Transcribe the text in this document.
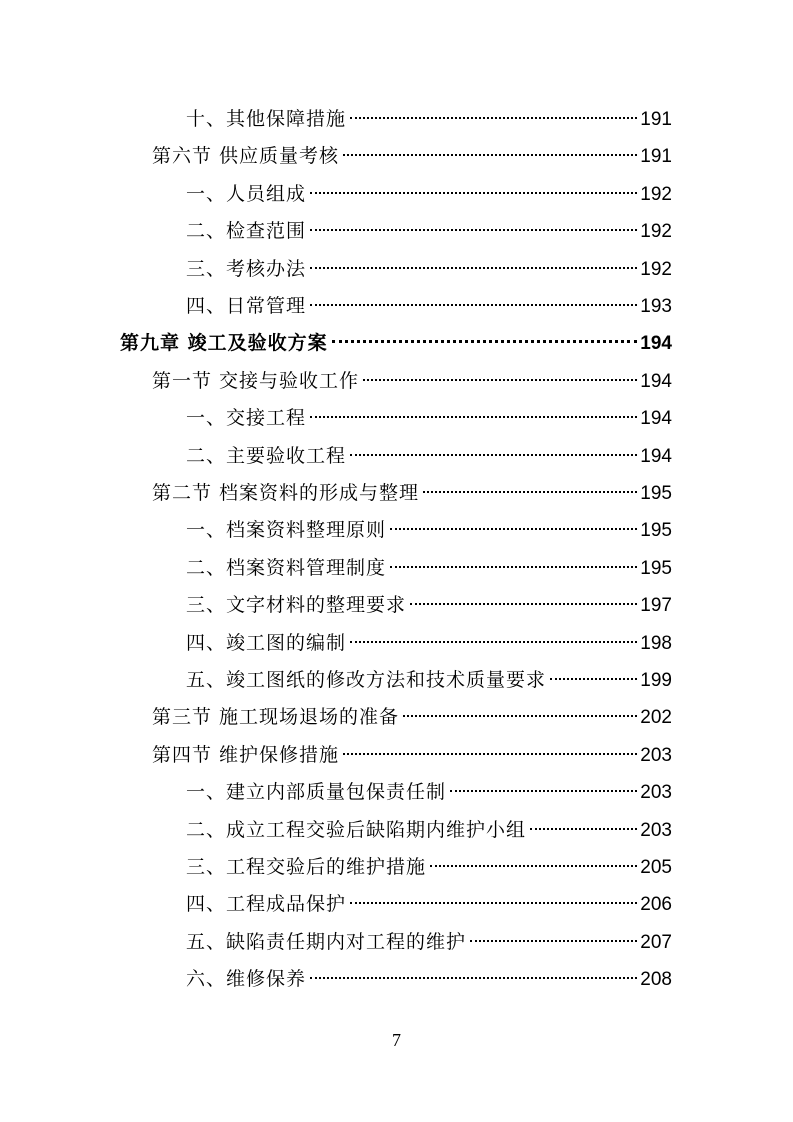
十、其他保障措施	191
第六节 供应质量考核	191
一、人员组成	192
二、检查范围	192
三、考核办法	192
四、日常管理	193
第九章 竣工及验收方案	194
第一节 交接与验收工作	194
一、交接工程	194
二、主要验收工程	194
第二节 档案资料的形成与整理	195
一、档案资料整理原则	195
二、档案资料管理制度	195
三、文字材料的整理要求	197
四、竣工图的编制	198
五、竣工图纸的修改方法和技术质量要求	199
第三节 施工现场退场的准备	202
第四节 维护保修措施	203
一、建立内部质量包保责任制	203
二、成立工程交验后缺陷期内维护小组	203
三、工程交验后的维护措施	205
四、工程成品保护	206
五、缺陷责任期内对工程的维护	207
六、维修保养	208
7
